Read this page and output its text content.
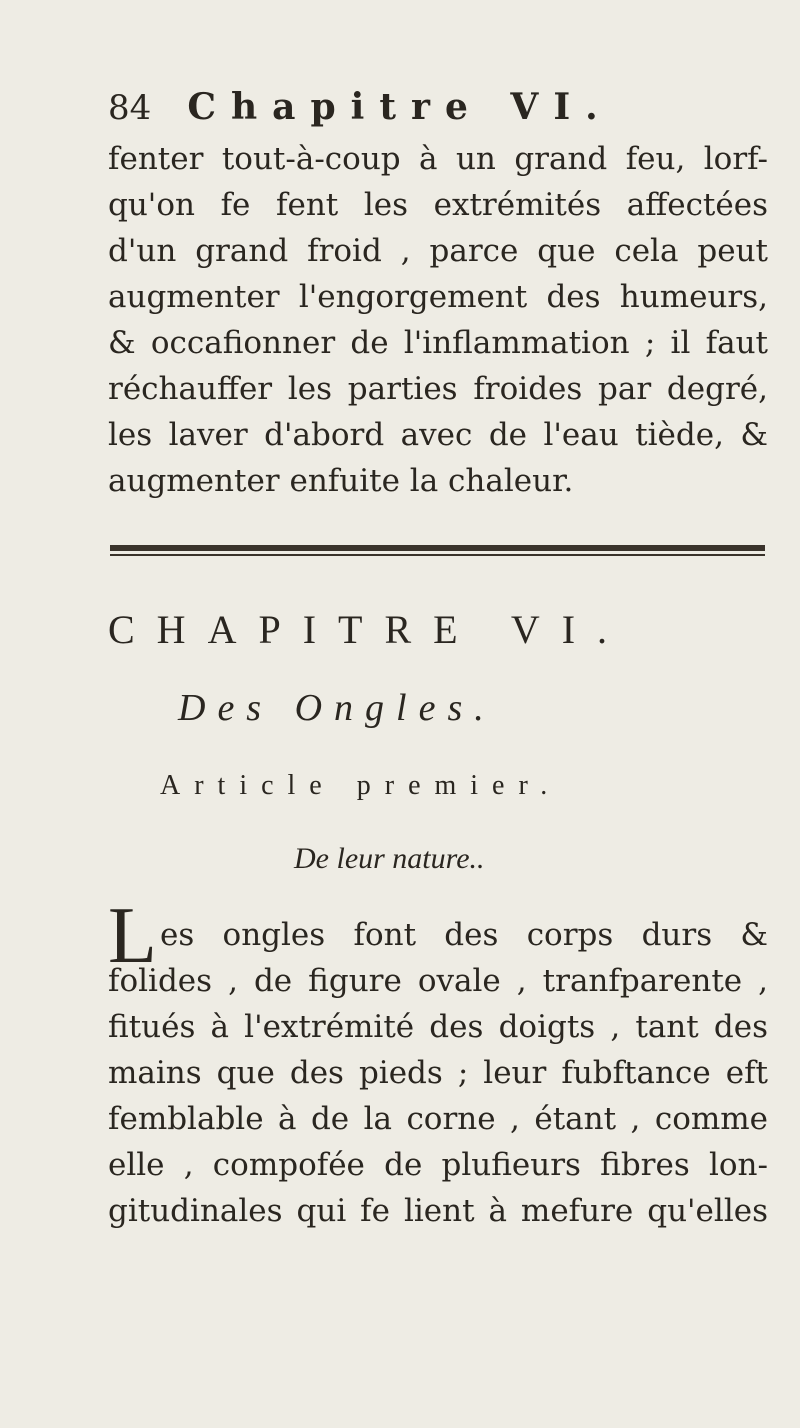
84 Chapitre VI.
fenter tout-à-coup à un grand feu, lorf-
qu'on fe fent les extrémités affectées
d'un grand froid , parce que cela peut
augmenter l'engorgement des humeurs,
& occafionner de l'inflammation ; il faut
réchauffer les parties froides par degré,
les laver d'abord avec de l'eau tiède, &
augmenter enfuite la chaleur.
CHAPITRE VI.
Des Ongles.
Article premier.
De leur nature..
L es ongles font des corps durs &
folides , de figure ovale , tranfparente ,
fitués à l'extrémité des doigts , tant des
mains que des pieds ; leur fubftance eft
femblable à de la corne , étant , comme
elle , compofée de plufieurs fibres lon-
gitudinales qui fe lient à mefure qu'elles
